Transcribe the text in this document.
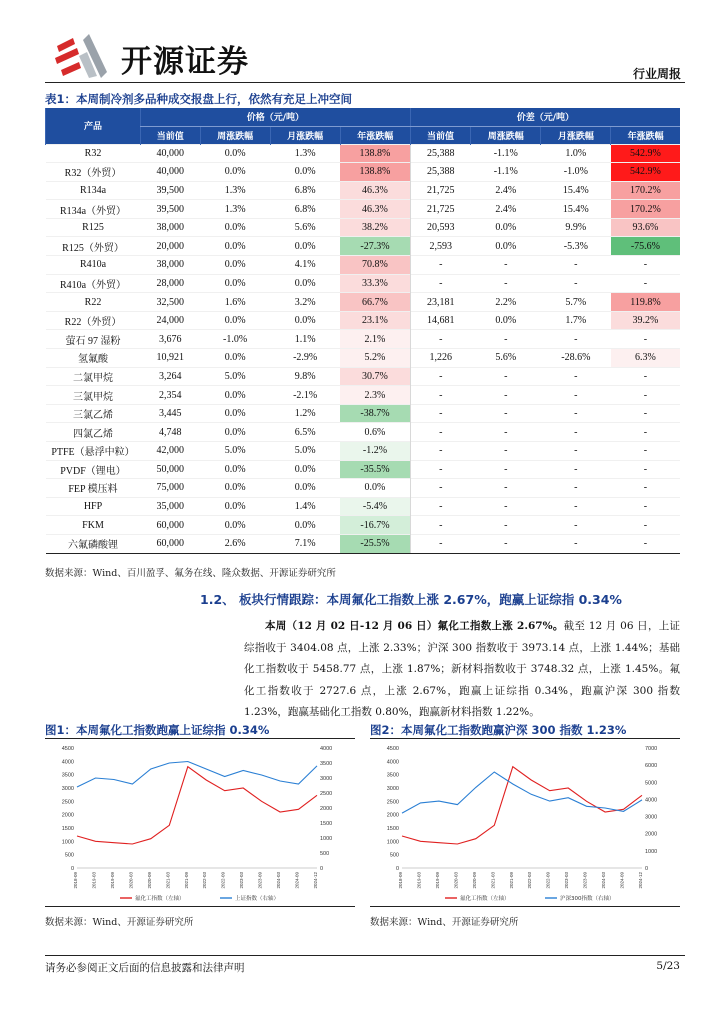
开源证券	行业周报
表1：本周制冷剂多品种成交报盘上行，依然有充足上冲空间
产品	价格（元/吨）				价差（元/吨）			
	当前值	周涨跌幅	月涨跌幅	年涨跌幅	当前值	周涨跌幅	月涨跌幅	年涨跌幅
R32	40,000	0.0%	1.3%	138.8%	25,388	-1.1%	1.0%	542.9%
R32（外贸）	40,000	0.0%	0.0%	138.8%	25,388	-1.1%	-1.0%	542.9%
R134a	39,500	1.3%	6.8%	46.3%	21,725	2.4%	15.4%	170.2%
R134a（外贸）	39,500	1.3%	6.8%	46.3%	21,725	2.4%	15.4%	170.2%
R125	38,000	0.0%	5.6%	38.2%	20,593	0.0%	9.9%	93.6%
R125（外贸）	20,000	0.0%	0.0%	-27.3%	2,593	0.0%	-5.3%	-75.6%
R410a	38,000	0.0%	4.1%	70.8%	-	-	-	-
R410a（外贸）	28,000	0.0%	0.0%	33.3%	-	-	-	-
R22	32,500	1.6%	3.2%	66.7%	23,181	2.2%	5.7%	119.8%
R22（外贸）	24,000	0.0%	0.0%	23.1%	14,681	0.0%	1.7%	39.2%
萤石 97 湿粉	3,676	-1.0%	1.1%	2.1%	-	-	-	-
氢氟酸	10,921	0.0%	-2.9%	5.2%	1,226	5.6%	-28.6%	6.3%
二氯甲烷	3,264	5.0%	9.8%	30.7%	-	-	-	-
三氯甲烷	2,354	0.0%	-2.1%	2.3%	-	-	-	-
三氯乙烯	3,445	0.0%	1.2%	-38.7%	-	-	-	-
四氯乙烯	4,748	0.0%	6.5%	0.6%	-	-	-	-
PTFE（悬浮中粒）	42,000	5.0%	5.0%	-1.2%	-	-	-	-
PVDF（锂电）	50,000	0.0%	0.0%	-35.5%	-	-	-	-
FEP 模压料	75,000	0.0%	0.0%	0.0%	-	-	-	-
HFP	35,000	0.0%	1.4%	-5.4%	-	-	-	-
FKM	60,000	0.0%	0.0%	-16.7%	-	-	-	-
六氟磷酸锂	60,000	2.6%	7.1%	-25.5%	-	-	-	-
数据来源：Wind、百川盈孚、氟务在线、隆众数据、开源证券研究所
1.2、 板块行情跟踪：本周氟化工指数上涨 2.67%，跑赢上证综指 0.34%
本周（12 月 02 日-12 月 06 日）氟化工指数上涨 2.67%。截至 12 月 06 日，上证综指收于 3404.08 点，上涨 2.33%；沪深 300 指数收于 3973.14 点，上涨 1.44%；基础化工指数收于 5458.77 点，上涨 1.87%；新材料指数收于 3748.32 点，上涨 1.45%。氟化工指数收于 2727.6 点，上涨 2.67%，跑赢上证综指 0.34%，跑赢沪深 300 指数 1.23%，跑赢基础化工指数 0.80%，跑赢新材料指数 1.22%。
图1：本周氟化工指数跑赢上证综指 0.34%
0
500
1000
1500
2000
2500
3000
3500
4000
4500
0
500
1000
1500
2000
2500
3000
3500
4000
2018-09	2019-03	2019-09	2020-03	2020-09	2021-03	2021-09	2022-03	2022-09	2023-03	2023-09	2024-03	2024-09	2024-12
氟化工指数（左轴）	上证指数（右轴）
数据来源：Wind、开源证券研究所
图2：本周氟化工指数跑赢沪深 300 指数 1.23%
0
500
1000
1500
2000
2500
3000
3500
4000
4500
0
1000
2000
3000
4000
5000
6000
7000
2018-09	2019-03	2019-09	2020-03	2020-09	2021-03	2021-09	2022-03	2022-09	2023-03	2023-09	2024-03	2024-09	2024-12
氟化工指数（左轴）	沪深300指数（右轴）
数据来源：Wind、开源证券研究所
请务必参阅正文后面的信息披露和法律声明	5/23
